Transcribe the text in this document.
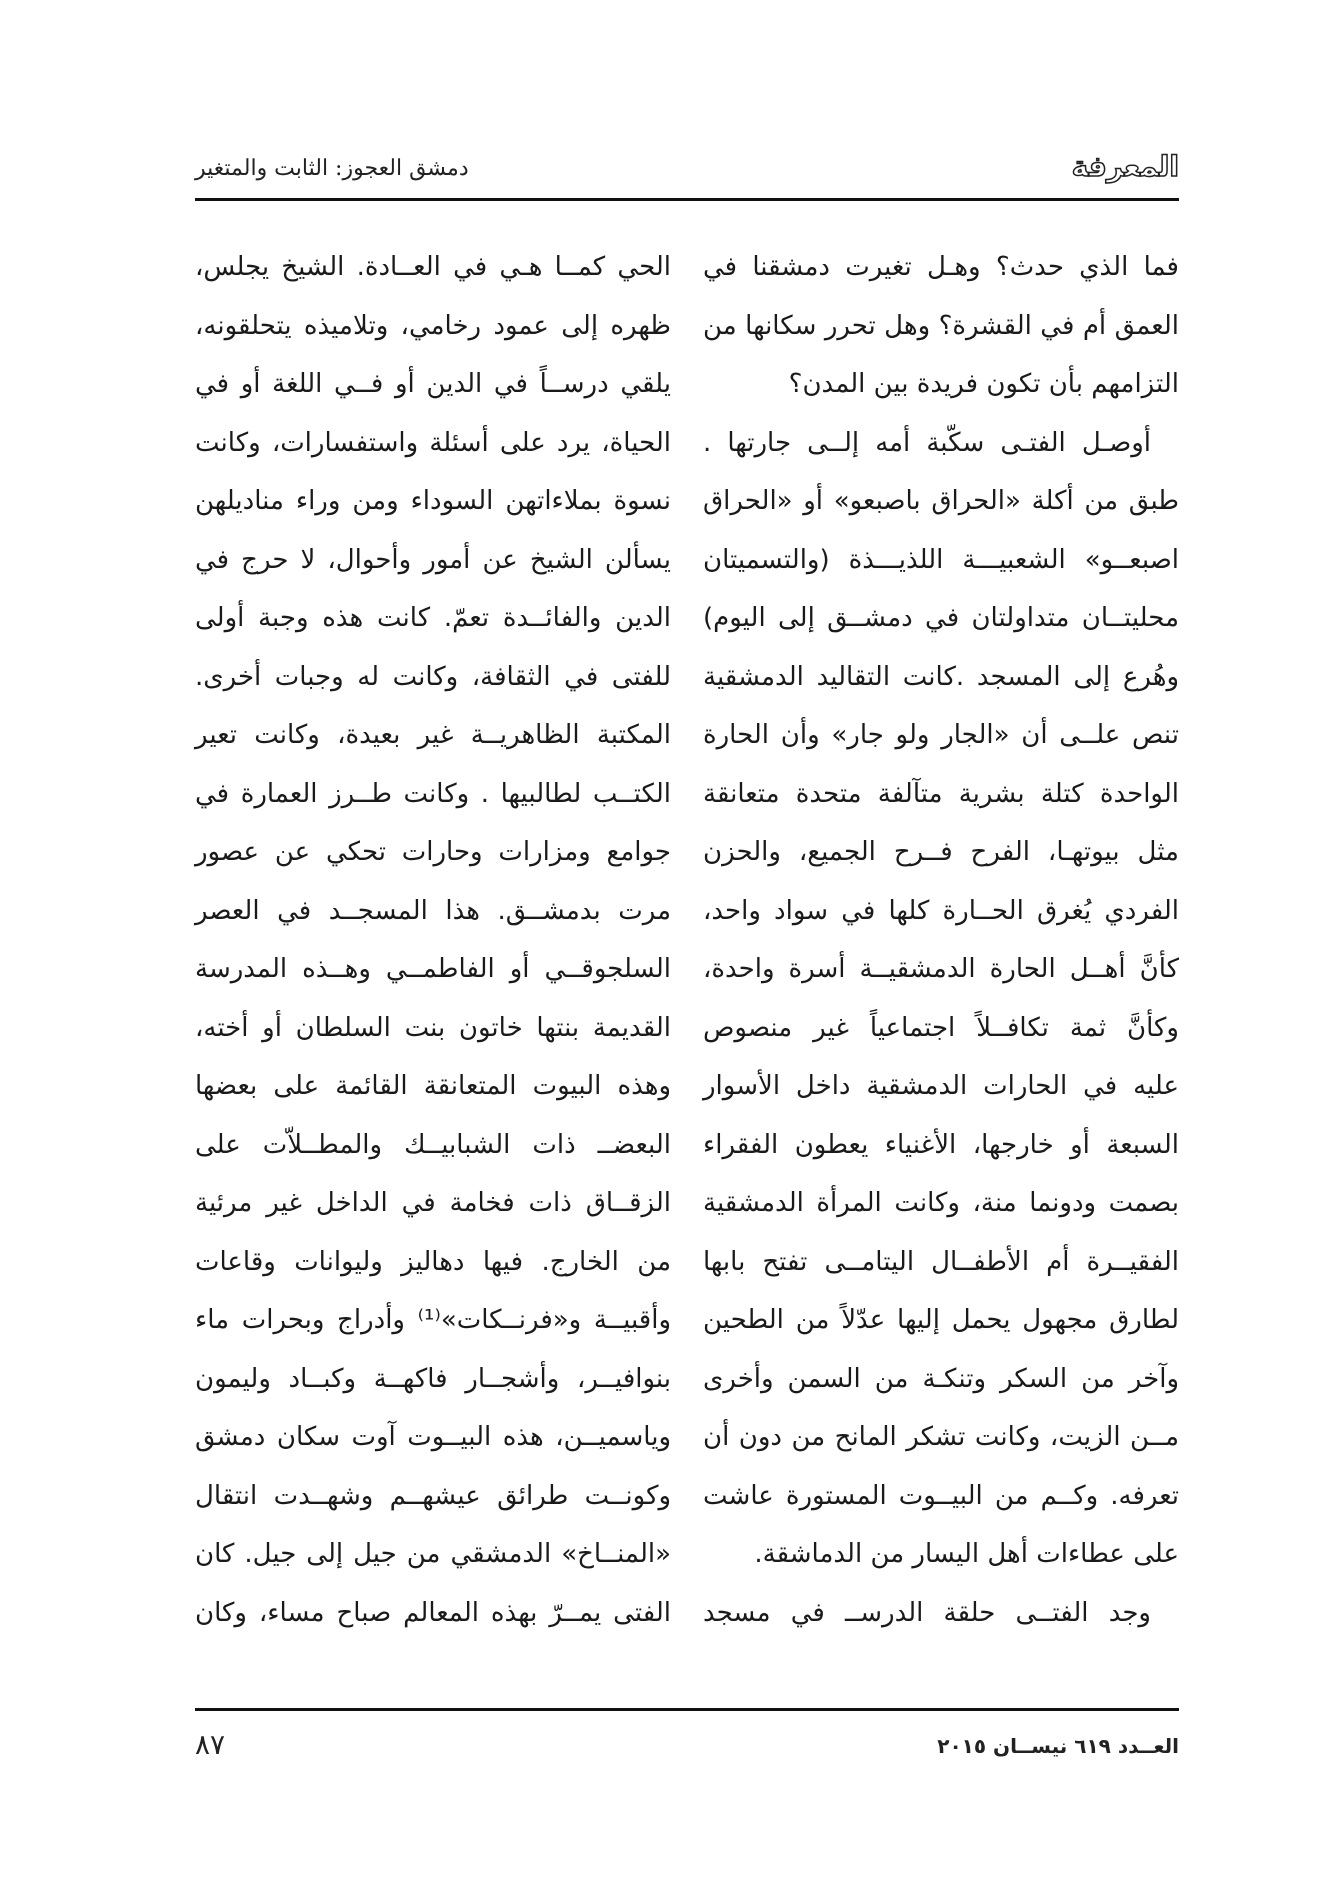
المعرفة
دمشق العجوز: الثابت والمتغير

فما الذي حدث؟ وهـل تغيرت دمشقنا في

العمق أم في القشرة؟ وهل تحرر سكانها من

التزامهم بأن تكون فريدة بين المدن؟

أوصـل الفتـى سكّبة أمه إلــى جارتها .

طبق من أكلة «الحراق باصبعو» أو «الحراق

اصبعــو» الشعبيـــة اللذيـــذة (والتسميتان

محليتــان متداولتان في دمشــق إلى اليوم)

وهُرع إلى المسجد .كانت التقاليد الدمشقية

تنص علــى أن «الجار ولو جار» وأن الحارة

الواحدة كتلة بشرية متآلفة متحدة متعانقة

مثل بيوتهـا، الفرح فــرح الجميع، والحزن

الفردي يُغرق الحــارة كلها في سواد واحد،

كأنَّ أهــل الحارة الدمشقيــة أسرة واحدة،

وكأنَّ ثمة تكافــلاً اجتماعياً غير منصوص

عليه في الحارات الدمشقية داخل الأسوار

السبعة أو خارجها، الأغنياء يعطون الفقراء

بصمت ودونما منة، وكانت المرأة الدمشقية

الفقيــرة أم الأطفــال اليتامــى تفتح بابها

لطارق مجهول يحمل إليها عدّلاً من الطحين

وآخر من السكر وتنكـة من السمن وأخرى

مــن الزيت، وكانت تشكر المانح من دون أن

تعرفه. وكــم من البيــوت المستورة عاشت

على عطاءات أهل اليسار من الدماشقة.

وجد الفتــى حلقة الدرســ في مسجد

الحي كمــا هـي في العــادة. الشيخ يجلس،

ظهره إلى عمود رخامي، وتلاميذه يتحلقونه،

يلقي درســاً في الدين أو فــي اللغة أو في

الحياة، يرد على أسئلة واستفسارات، وكانت

نسوة بملاءاتهن السوداء ومن وراء مناديلهن

يسألن الشيخ عن أمور وأحوال، لا حرج في

الدين والفائــدة تعمّ. كانت هذه وجبة أولى

للفتى في الثقافة، وكانت له وجبات أخرى.

المكتبة الظاهريــة غير بعيدة، وكانت تعير

الكتــب لطالبيها . وكانت طــرز العمارة في

جوامع ومزارات وحارات تحكي عن عصور

مرت بدمشــق. هذا المسجــد في العصر

السلجوقــي أو الفاطمــي وهــذه المدرسة

القديمة بنتها خاتون بنت السلطان أو أخته،

وهذه البيوت المتعانقة القائمة على بعضها

البعضــ ذات الشبابيــك والمطــلاّت على

الزقــاق ذات فخامة في الداخل غير مرئية

من الخارج. فيها دهاليز وليوانات وقاعات

وأقبيــة و«فرنــكات»⁽¹⁾ وأدراج وبحرات ماء

بنوافيــر، وأشجــار فاكهــة وكبــاد وليمون

وياسميــن، هذه البيــوت آوت سكان دمشق

وكونــت طرائق عيشهــم وشهــدت انتقال

«المنــاخ» الدمشقي من جيل إلى جيل. كان

الفتى يمــرّ بهذه المعالم صباح مساء، وكان

العــدد ٦١٩ نيســان ٢٠١٥
٨٧
